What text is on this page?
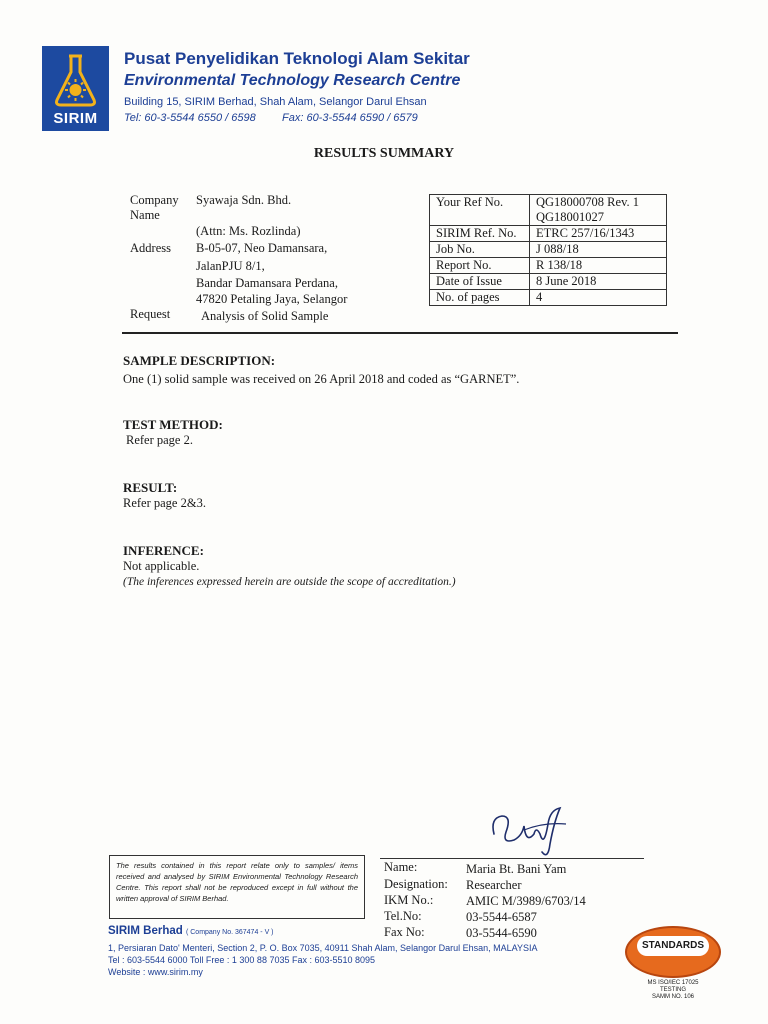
SIRIM
Pusat Penyelidikan Teknologi Alam Sekitar
Environmental Technology Research Centre
Building 15, SIRIM Berhad, Shah Alam, Selangor Darul Ehsan
Tel: 60-3-5544 6550 / 6598 Fax: 60-3-5544 6590 / 6579
RESULTS SUMMARY
Company
Name
Syawaja Sdn. Bhd.
(Attn: Ms. Rozlinda)
Address B-05-07, Neo Damansara,
JalanPJU 8/1,
Bandar Damansara Perdana,
47820 Petaling Jaya, Selangor
Request Analysis of Solid Sample
Your Ref No.	QG18000708 Rev. 1
QG18001027

SIRIM Ref. No.	ETRC 257/16/1343
Job No.	J 088/18
Report No.	R 138/18
Date of Issue	8 June 2018
No. of pages	4
SAMPLE DESCRIPTION:
One (1) solid sample was received on 26 April 2018 and coded as “GARNET”.
TEST METHOD:
Refer page 2.
RESULT:
Refer page 2&3.
INFERENCE:
Not applicable.
(The inferences expressed herein are outside the scope of accreditation.)
Name:	Maria Bt. Bani Yam
Designation: Researcher
IKM No.:	AMIC M/3989/6703/14
Tel.No:	03-5544-6587
Fax No:	03-5544-6590
The results contained in this report relate only to samples/ items received and analysed by SIRIM Environmental Technology Research Centre. This report shall not be reproduced except in full without the written approval of SIRIM Berhad.
SIRIM Berhad ( Company No. 367474 - V )
1, Persiaran Dato' Menteri, Section 2, P. O. Box 7035, 40911 Shah Alam, Selangor Darul Ehsan, MALAYSIA
Tel : 603-5544 6000 Toll Free : 1 300 88 7035 Fax : 603-5510 8095
Website : www.sirim.my
STANDARDS
MS ISO/IEC 17025
TESTING
SAMM NO. 106
